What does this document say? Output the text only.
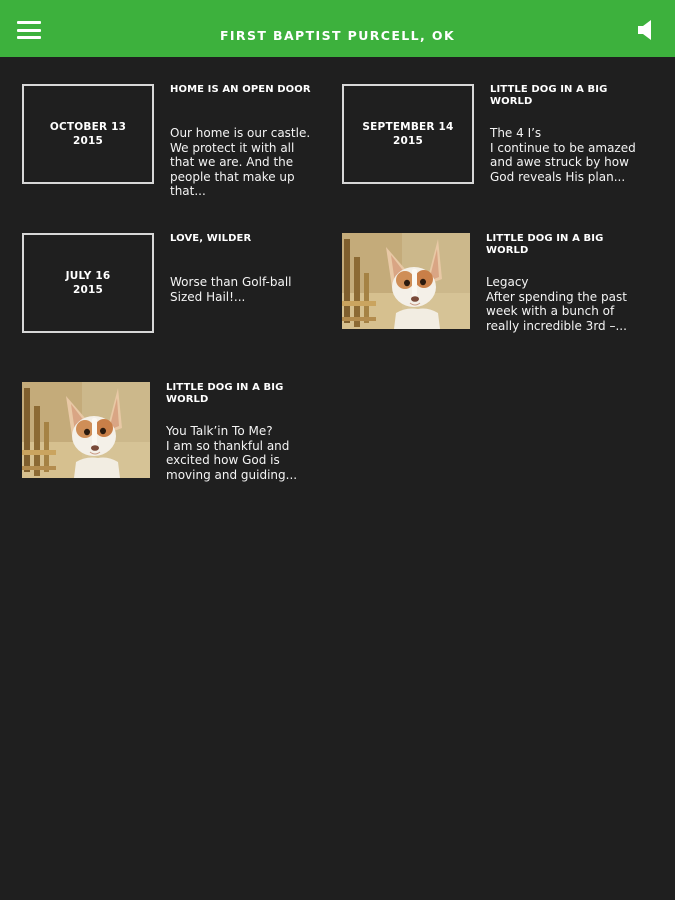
FIRST BAPTIST PURCELL, OK
OCTOBER 13
2015
HOME IS AN OPEN DOOR
Our home is our castle. We protect it with all that we are. And the people that make up that...
SEPTEMBER 14
2015
LITTLE DOG IN A BIG WORLD
The 4 I’s
I continue to be amazed and awe struck by how God reveals His plan...
JULY 16
2015
LOVE, WILDER
Worse than Golf-ball Sized Hail!...
LITTLE DOG IN A BIG WORLD
Legacy
After spending the past week with a bunch of really incredible 3rd –...
LITTLE DOG IN A BIG WORLD
You Talk’in To Me?
I am so thankful and excited how God is moving and guiding...
